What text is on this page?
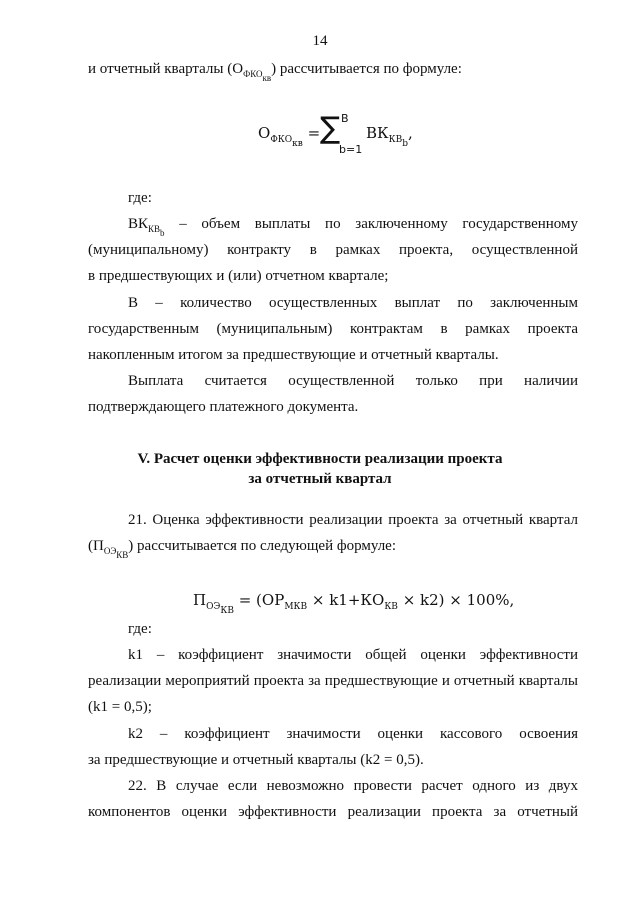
14
и отчетный кварталы $(О_{ФКО_{кв}})$ рассчитывается по формуле:
$О_{ФКО_{кв}}$ = ∑ В
b=1
$ВК_{КВ_b}$,
где:
$ВК_{КВ_b}$ – объем выплаты по заключенному государственному
(муниципальному) контракту в рамках проекта, осуществленной
в предшествующих и (или) отчетном квартале;
В – количество осуществленных выплат по заключенным
государственным (муниципальным) контрактам в рамках проекта
накопленным итогом за предшествующие и отчетный кварталы.
Выплата считается осуществленной только при наличии
подтверждающего платежного документа.
V. Расчет оценки эффективности реализации проекта
за отчетный квартал
21. Оценка эффективности реализации проекта за отчетный квартал
$(П_{ОЭ_{КВ}})$ рассчитывается по следующей формуле:
$П_{ОЭ_{КВ}} = (ОР_{МКВ} \times k1+КО_{КВ} \times k2) \times 100\%$,
где:
k1 – коэффициент значимости общей оценки эффективности
реализации мероприятий проекта за предшествующие и отчетный кварталы
(k1 = 0,5);
k2 – коэффициент значимости оценки кассового освоения
за предшествующие и отчетный кварталы (k2 = 0,5).
22. В случае если невозможно провести расчет одного из двух
компонентов оценки эффективности реализации проекта за отчетный
